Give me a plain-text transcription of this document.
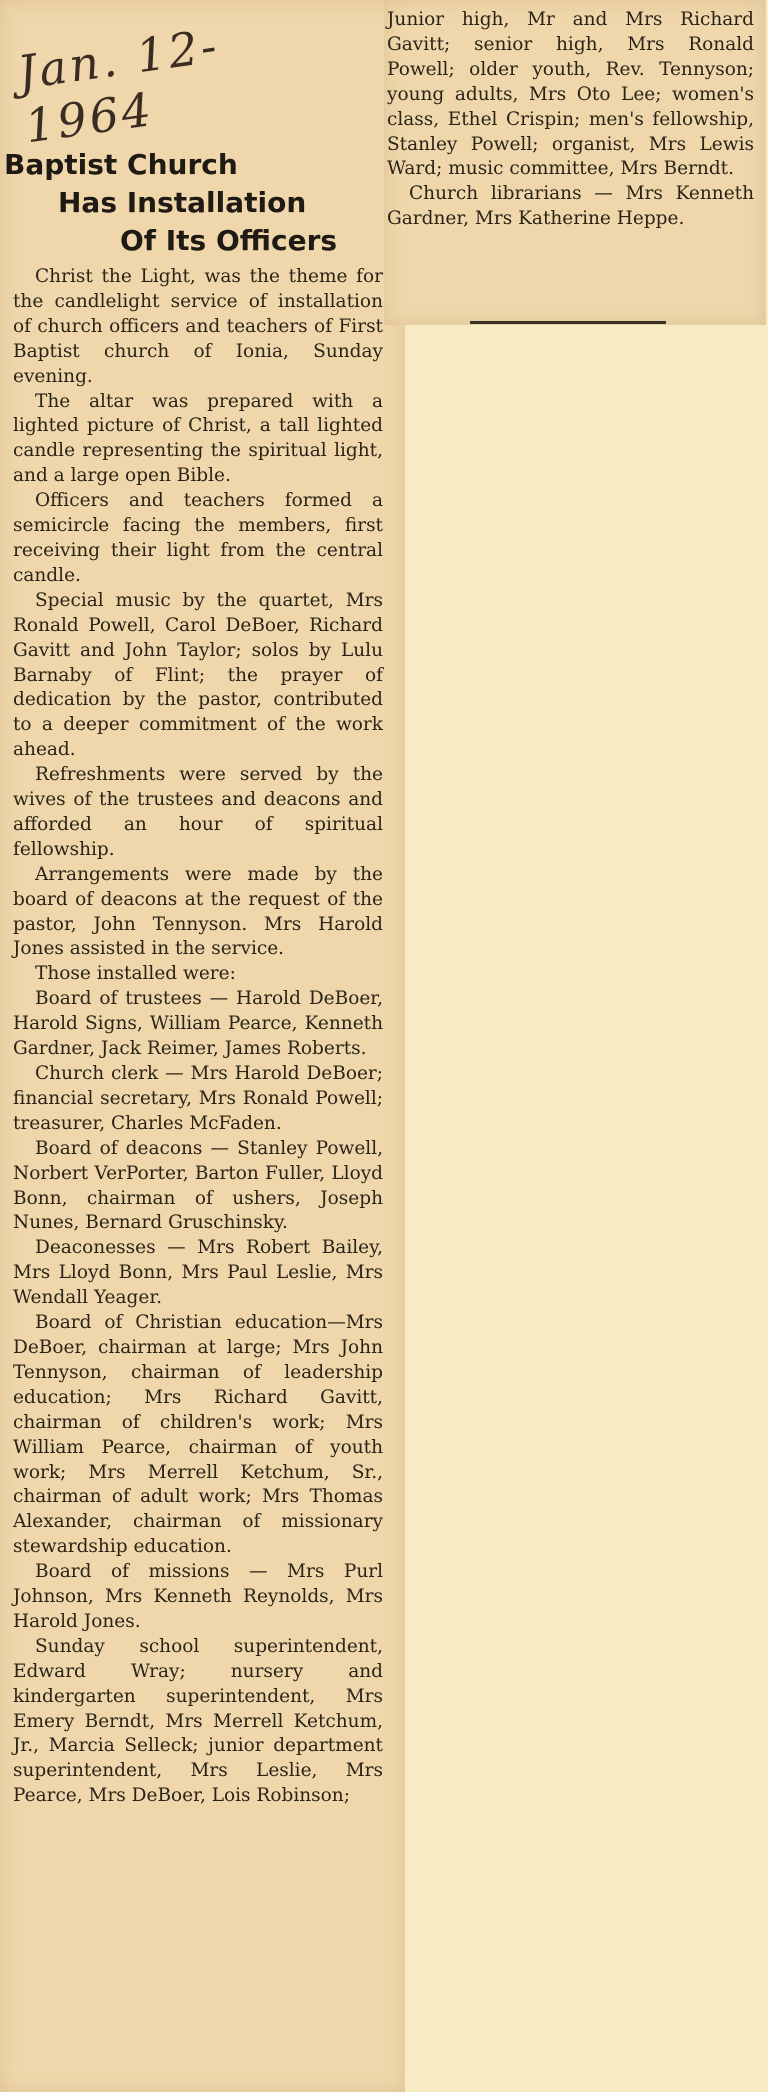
Jan. 12-1964
Baptist Church
Has Installation
Of Its Officers

Christ the Light, was the theme for the candlelight service of installation of church officers and teachers of First Baptist church of Ionia, Sunday evening.

The altar was prepared with a lighted picture of Christ, a tall lighted candle representing the spiritual light, and a large open Bible.

Officers and teachers formed a semicircle facing the members, first receiving their light from the central candle.

Special music by the quartet, Mrs Ronald Powell, Carol DeBoer, Richard Gavitt and John Taylor; solos by Lulu Barnaby of Flint; the prayer of dedication by the pastor, contributed to a deeper commitment of the work ahead.

Refreshments were served by the wives of the trustees and deacons and afforded an hour of spiritual fellowship.

Arrangements were made by the board of deacons at the request of the pastor, John Tennyson. Mrs Harold Jones assisted in the service.

Those installed were:

Board of trustees — Harold DeBoer, Harold Signs, William Pearce, Kenneth Gardner, Jack Reimer, James Roberts.

Church clerk — Mrs Harold DeBoer; financial secretary, Mrs Ronald Powell; treasurer, Charles McFaden.

Board of deacons — Stanley Powell, Norbert VerPorter, Barton Fuller, Lloyd Bonn, chairman of ushers, Joseph Nunes, Bernard Gruschinsky.

Deaconesses — Mrs Robert Bailey, Mrs Lloyd Bonn, Mrs Paul Leslie, Mrs Wendall Yeager.

Board of Christian education—Mrs DeBoer, chairman at large; Mrs John Tennyson, chairman of leadership education; Mrs Richard Gavitt, chairman of children's work; Mrs William Pearce, chairman of youth work; Mrs Merrell Ketchum, Sr., chairman of adult work; Mrs Thomas Alexander, chairman of missionary stewardship education.

Board of missions — Mrs Purl Johnson, Mrs Kenneth Reynolds, Mrs Harold Jones.

Sunday school superintendent, Edward Wray; nursery and kindergarten superintendent, Mrs Emery Berndt, Mrs Merrell Ketchum, Jr., Marcia Selleck; junior department superintendent, Mrs Leslie, Mrs Pearce, Mrs DeBoer, Lois Robinson;

Junior high, Mr and Mrs Richard Gavitt; senior high, Mrs Ronald Powell; older youth, Rev. Tennyson; young adults, Mrs Oto Lee; women's class, Ethel Crispin; men's fellowship, Stanley Powell; organist, Mrs Lewis Ward; music committee, Mrs Berndt.

Church librarians — Mrs Kenneth Gardner, Mrs Katherine Heppe.
